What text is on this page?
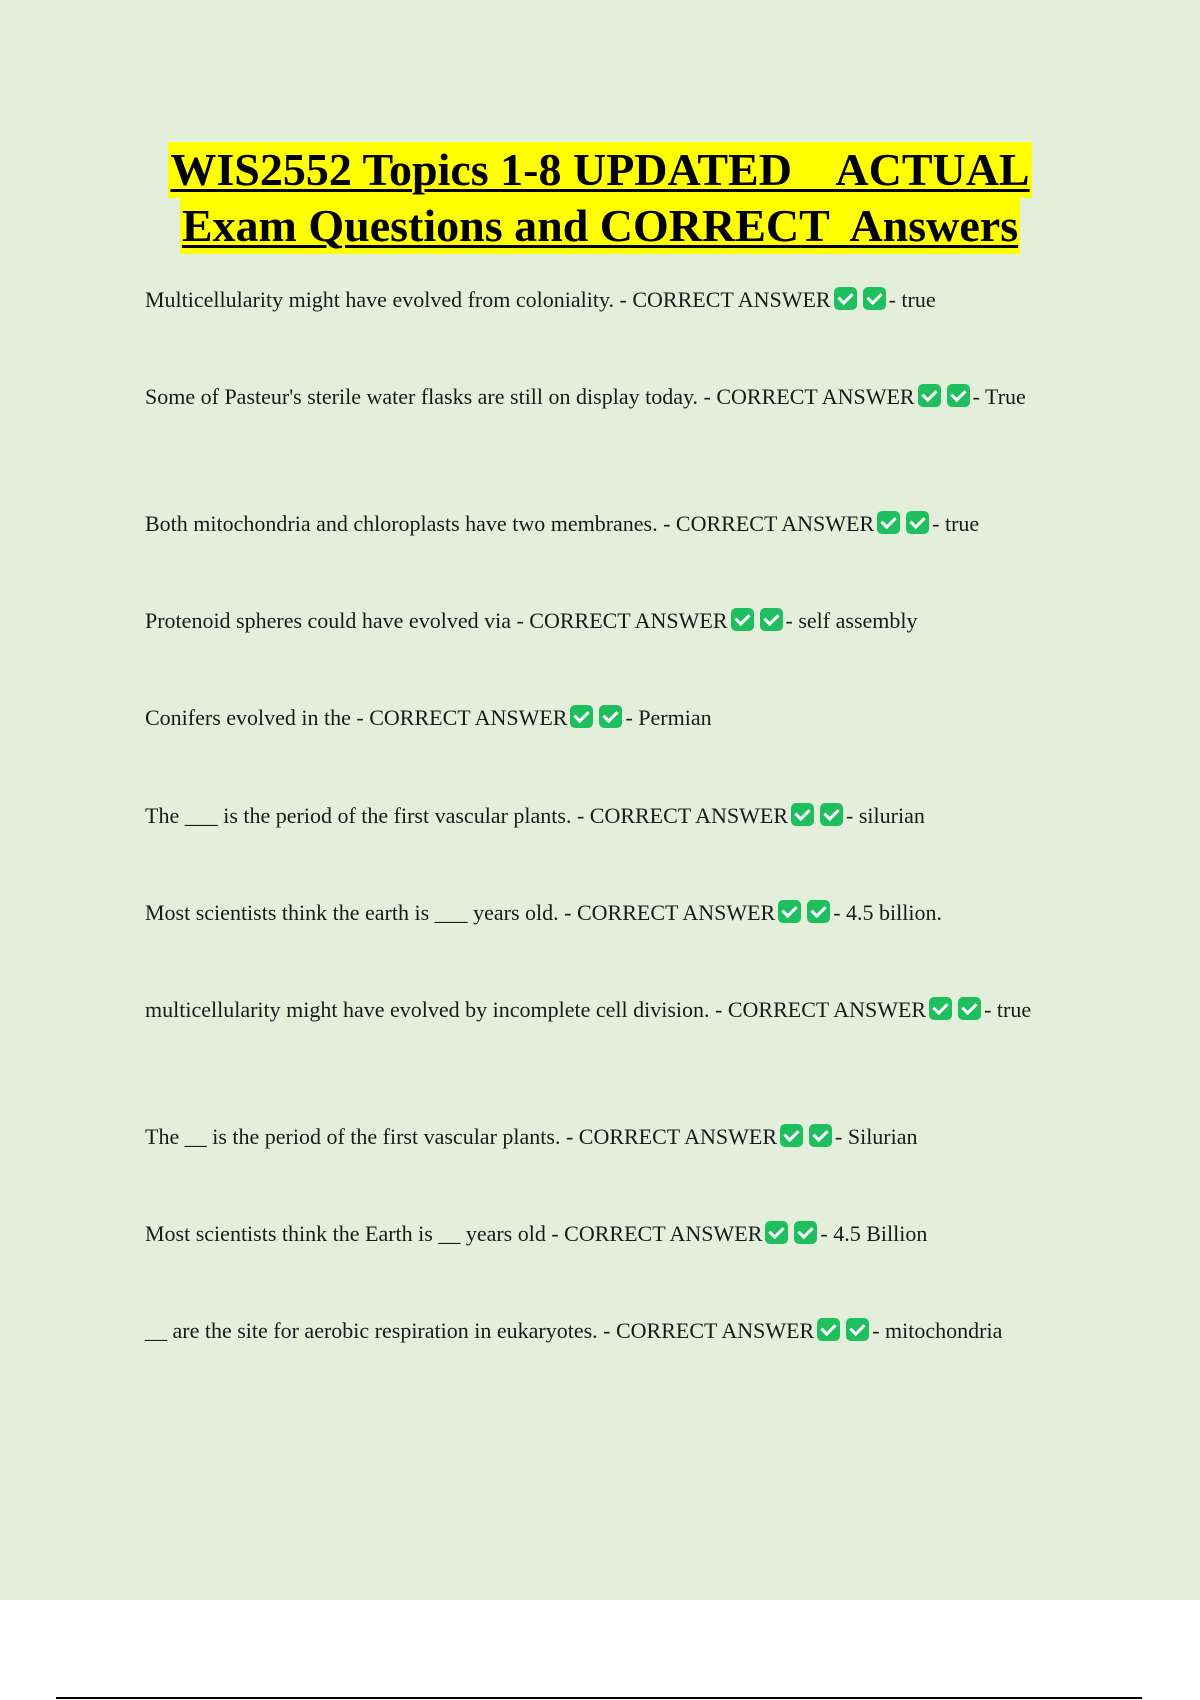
WIS2552 Topics 1-8 UPDATED    ACTUAL
Exam Questions and CORRECT  Answers
Multicellularity might have evolved from coloniality. - CORRECT ANSWER	- true
Some of Pasteur's sterile water flasks are still on display today. - CORRECT ANSWER	- True
Both mitochondria and chloroplasts have two membranes. - CORRECT ANSWER	- true
Protenoid spheres could have evolved via - CORRECT ANSWER	- self assembly
Conifers evolved in the - CORRECT ANSWER	- Permian
The ___ is the period of the first vascular plants. - CORRECT ANSWER	- silurian
Most scientists think the earth is ___ years old. - CORRECT ANSWER	- 4.5 billion.
multicellularity might have evolved by incomplete cell division. - CORRECT ANSWER	- true
The __ is the period of the first vascular plants. - CORRECT ANSWER	- Silurian
Most scientists think the Earth is __ years old - CORRECT ANSWER	- 4.5 Billion
__ are the site for aerobic respiration in eukaryotes. - CORRECT ANSWER	- mitochondria
